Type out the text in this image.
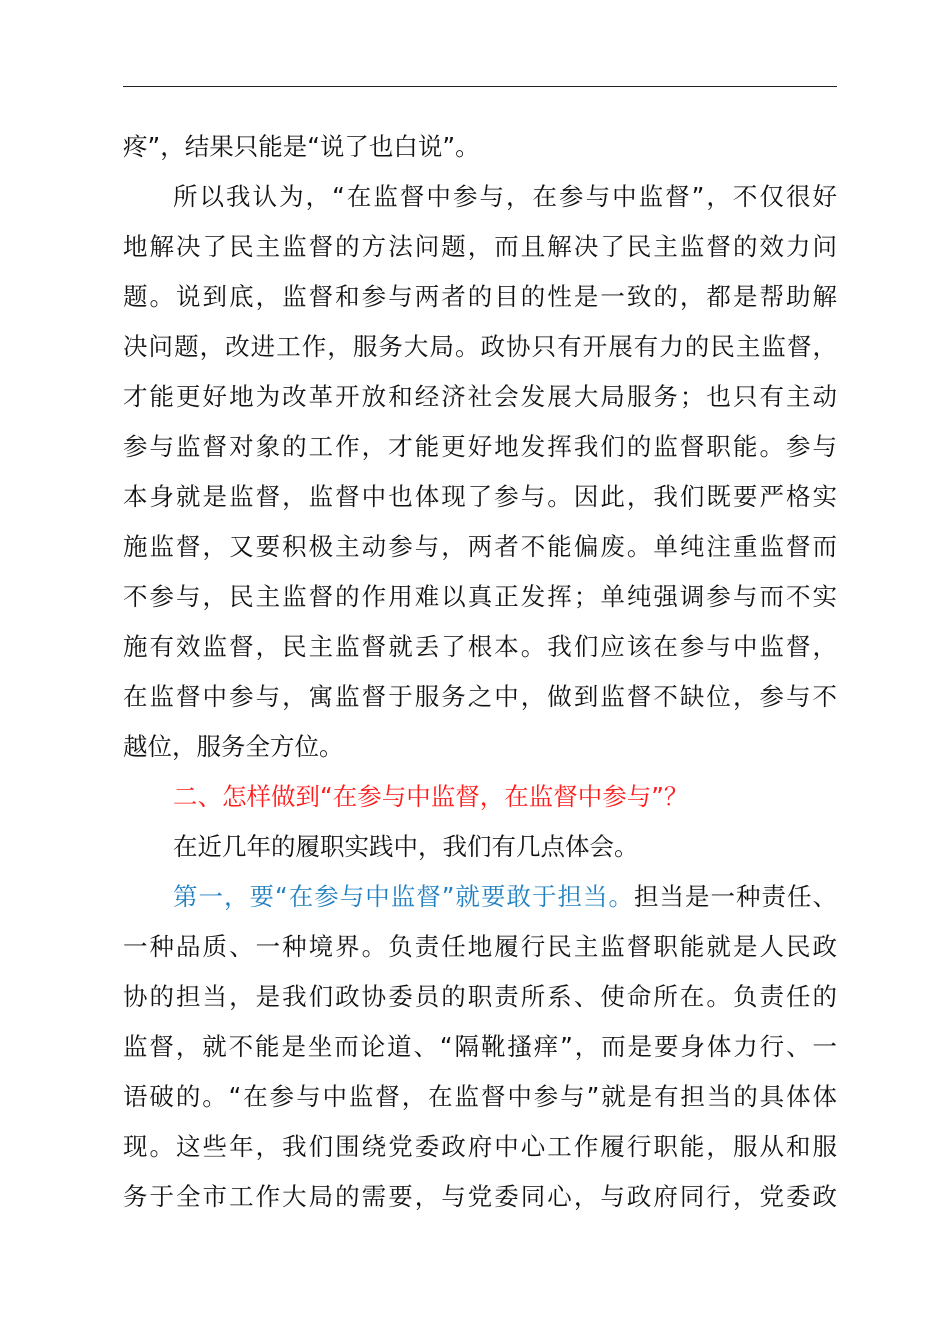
疼”，结果只能是“说了也白说”。
所以我认为，“在监督中参与，在参与中监督”，不仅很好
地解决了民主监督的方法问题，而且解决了民主监督的效力问
题。说到底，监督和参与两者的目的性是一致的，都是帮助解
决问题，改进工作，服务大局。政协只有开展有力的民主监督，
才能更好地为改革开放和经济社会发展大局服务；也只有主动
参与监督对象的工作，才能更好地发挥我们的监督职能。参与
本身就是监督，监督中也体现了参与。因此，我们既要严格实
施监督，又要积极主动参与，两者不能偏废。单纯注重监督而
不参与，民主监督的作用难以真正发挥；单纯强调参与而不实
施有效监督，民主监督就丢了根本。我们应该在参与中监督，
在监督中参与，寓监督于服务之中，做到监督不缺位，参与不
越位，服务全方位。
二、怎样做到“在参与中监督，在监督中参与”？
在近几年的履职实践中，我们有几点体会。
第一，要“在参与中监督”就要敢于担当。担当是一种责任、
一种品质、一种境界。负责任地履行民主监督职能就是人民政
协的担当，是我们政协委员的职责所系、使命所在。负责任的
监督，就不能是坐而论道、“隔靴搔痒”，而是要身体力行、一
语破的。“在参与中监督，在监督中参与”就是有担当的具体体
现。这些年，我们围绕党委政府中心工作履行职能，服从和服
务于全市工作大局的需要，与党委同心，与政府同行，党委政
